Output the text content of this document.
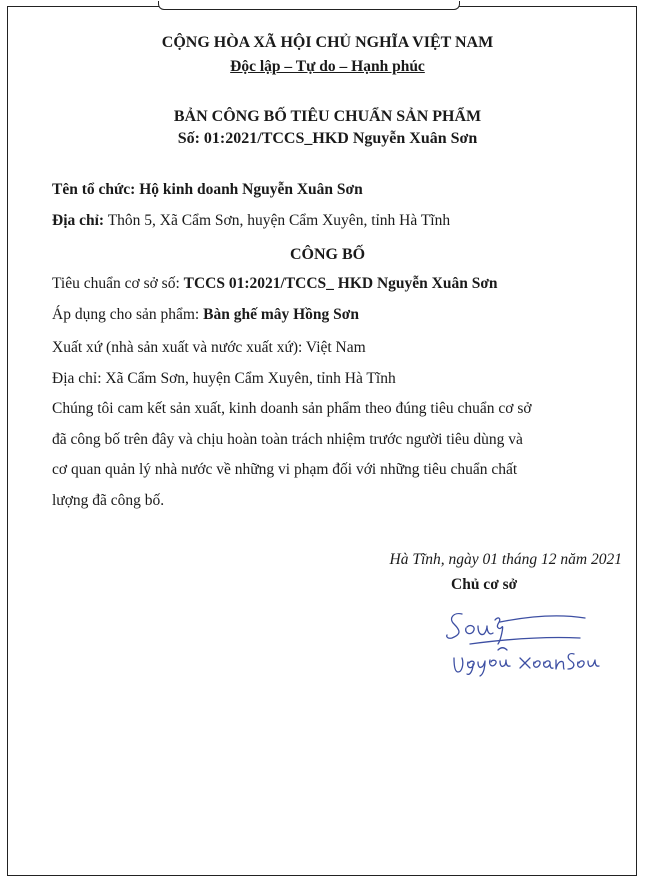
CỘNG HÒA XÃ HỘI CHỦ NGHĨA VIỆT NAM
Độc lập – Tự do – Hạnh phúc
BẢN CÔNG BỐ TIÊU CHUẨN SẢN PHẨM
Số: 01:2021/TCCS_HKD Nguyễn Xuân Sơn
Tên tổ chức: Hộ kinh doanh Nguyễn Xuân Sơn
Địa chỉ: Thôn 5, Xã Cẩm Sơn, huyện Cẩm Xuyên, tỉnh Hà Tĩnh
CÔNG BỐ
Tiêu chuẩn cơ sở số: TCCS 01:2021/TCCS_ HKD Nguyễn Xuân Sơn
Áp dụng cho sản phẩm: Bàn ghế mây Hồng Sơn
Xuất xứ (nhà sản xuất và nước xuất xứ): Việt Nam
Địa chỉ: Xã Cẩm Sơn, huyện Cẩm Xuyên, tỉnh Hà Tĩnh
Chúng tôi cam kết sản xuất, kinh doanh sản phẩm theo đúng tiêu chuẩn cơ sở
đã công bố trên đây và chịu hoàn toàn trách nhiệm trước người tiêu dùng và
cơ quan quản lý nhà nước về những vi phạm đối với những tiêu chuẩn chất
lượng đã công bố.
Hà Tĩnh, ngày 01 tháng 12 năm 2021
Chủ cơ sở
